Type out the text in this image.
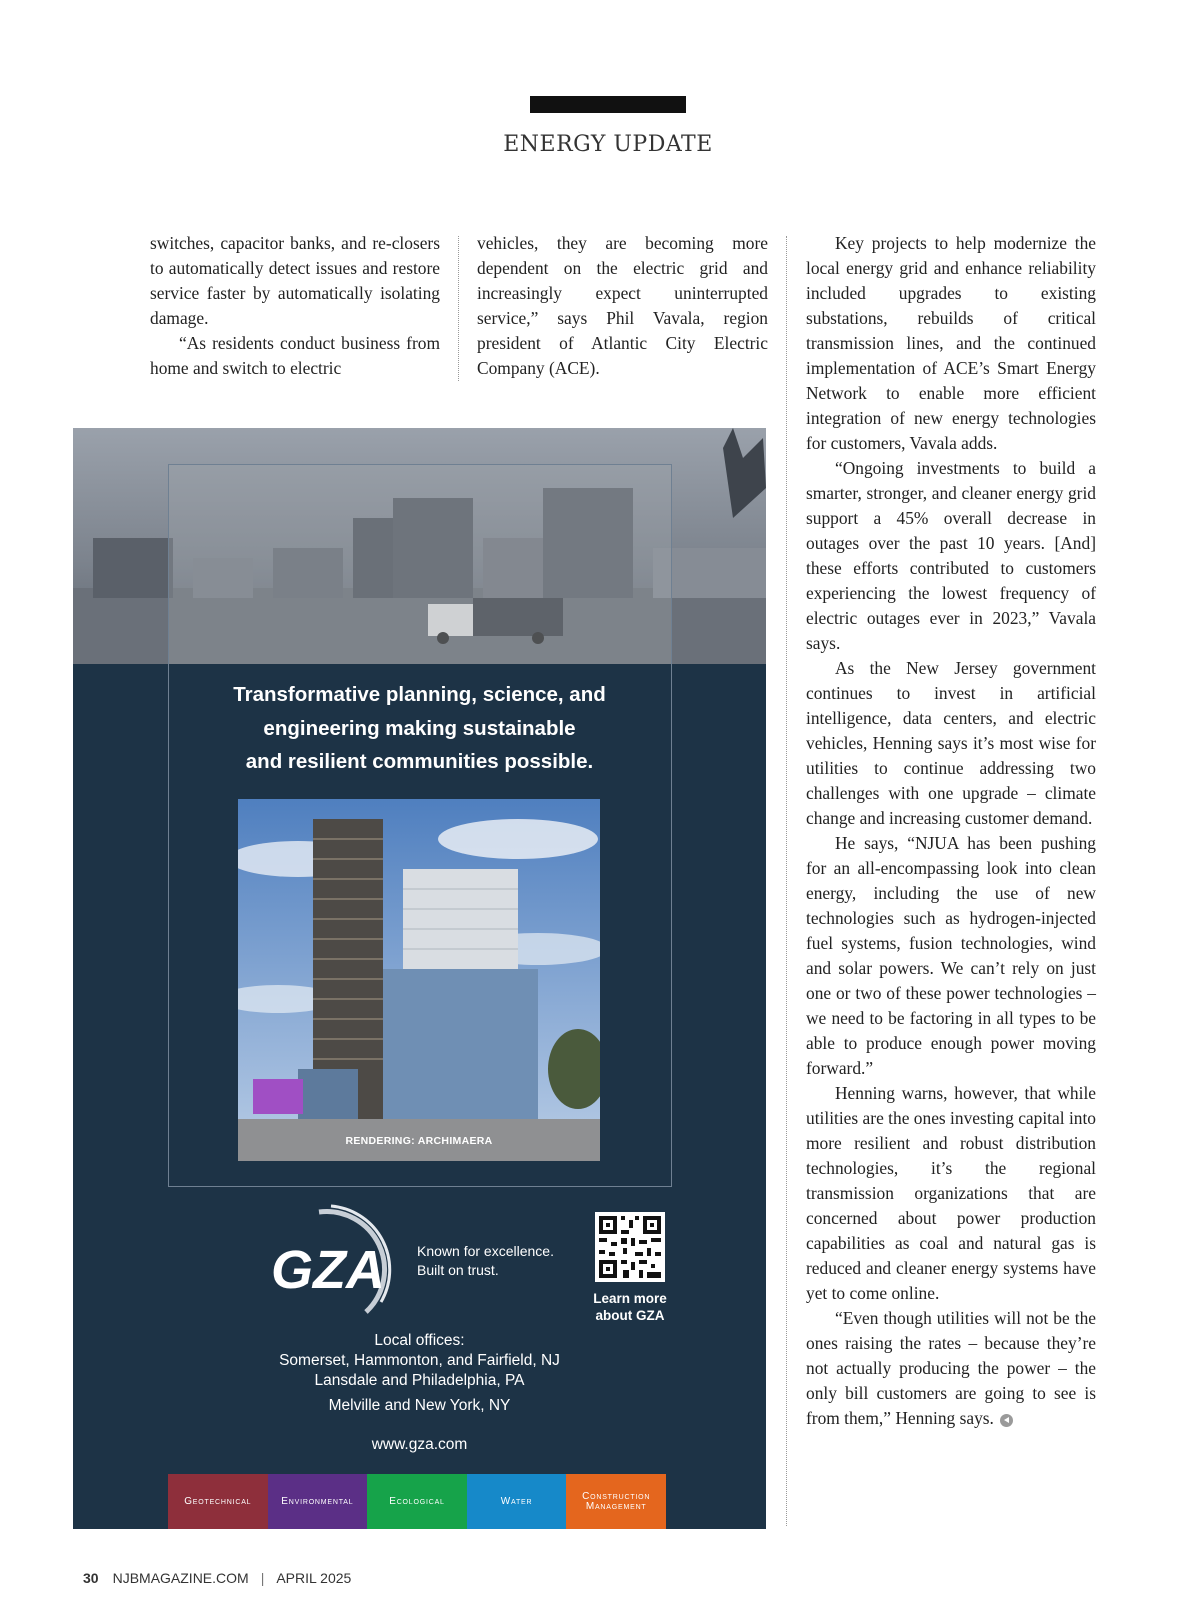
ENERGY UPDATE

switches, capacitor banks, and re-closers to automatically detect issues and restore service faster by automatically isolating damage.

“As residents conduct business from home and switch to electric

vehicles, they are becoming more dependent on the electric grid and increasingly expect uninterrupted service,” says Phil Vavala, region president of Atlantic City Electric Company (ACE).

Key projects to help modernize the local energy grid and enhance reliability included upgrades to existing substations, rebuilds of critical transmission lines, and the continued implementation of ACE’s Smart Energy Network to enable more efficient integration of new energy technologies for customers, Vavala adds.

“Ongoing investments to build a smarter, stronger, and cleaner energy grid support a 45% overall decrease in outages over the past 10 years. [And] these efforts contributed to customers experiencing the lowest frequency of electric outages ever in 2023,” Vavala says.

As the New Jersey government continues to invest in artificial intelligence, data centers, and electric vehicles, Henning says it’s most wise for utilities to continue addressing two challenges with one upgrade – climate change and increasing customer demand.

He says, “NJUA has been pushing for an all-encompassing look into clean energy, including the use of new technologies such as hydrogen-injected fuel systems, fusion technologies, wind and solar powers. We can’t rely on just one or two of these power technologies – we need to be factoring in all types to be able to produce enough power moving forward.”

Henning warns, however, that while utilities are the ones investing capital into more resilient and robust distribution technologies, it’s the regional transmission organizations that are concerned about power production capabilities as coal and natural gas is reduced and cleaner energy systems have yet to come online.

“Even though utilities will not be the ones raising the rates – because they’re not actually producing the power – the only bill customers are going to see is from them,” Henning says.

Transformative planning, science, and
engineering making sustainable
and resilient communities possible.
RENDERING: ARCHIMAERA
GZA Known for excellence.
Built on trust.
Learn more
about GZA
Local offices:
Somerset, Hammonton, and Fairfield, NJ
Lansdale and Philadelphia, PA
Melville and New York, NY
www.gza.com
Geotechnical	Environmental	Ecological	Water	Construction Management
30 NJBMAGAZINE.COM | APRIL 2025
